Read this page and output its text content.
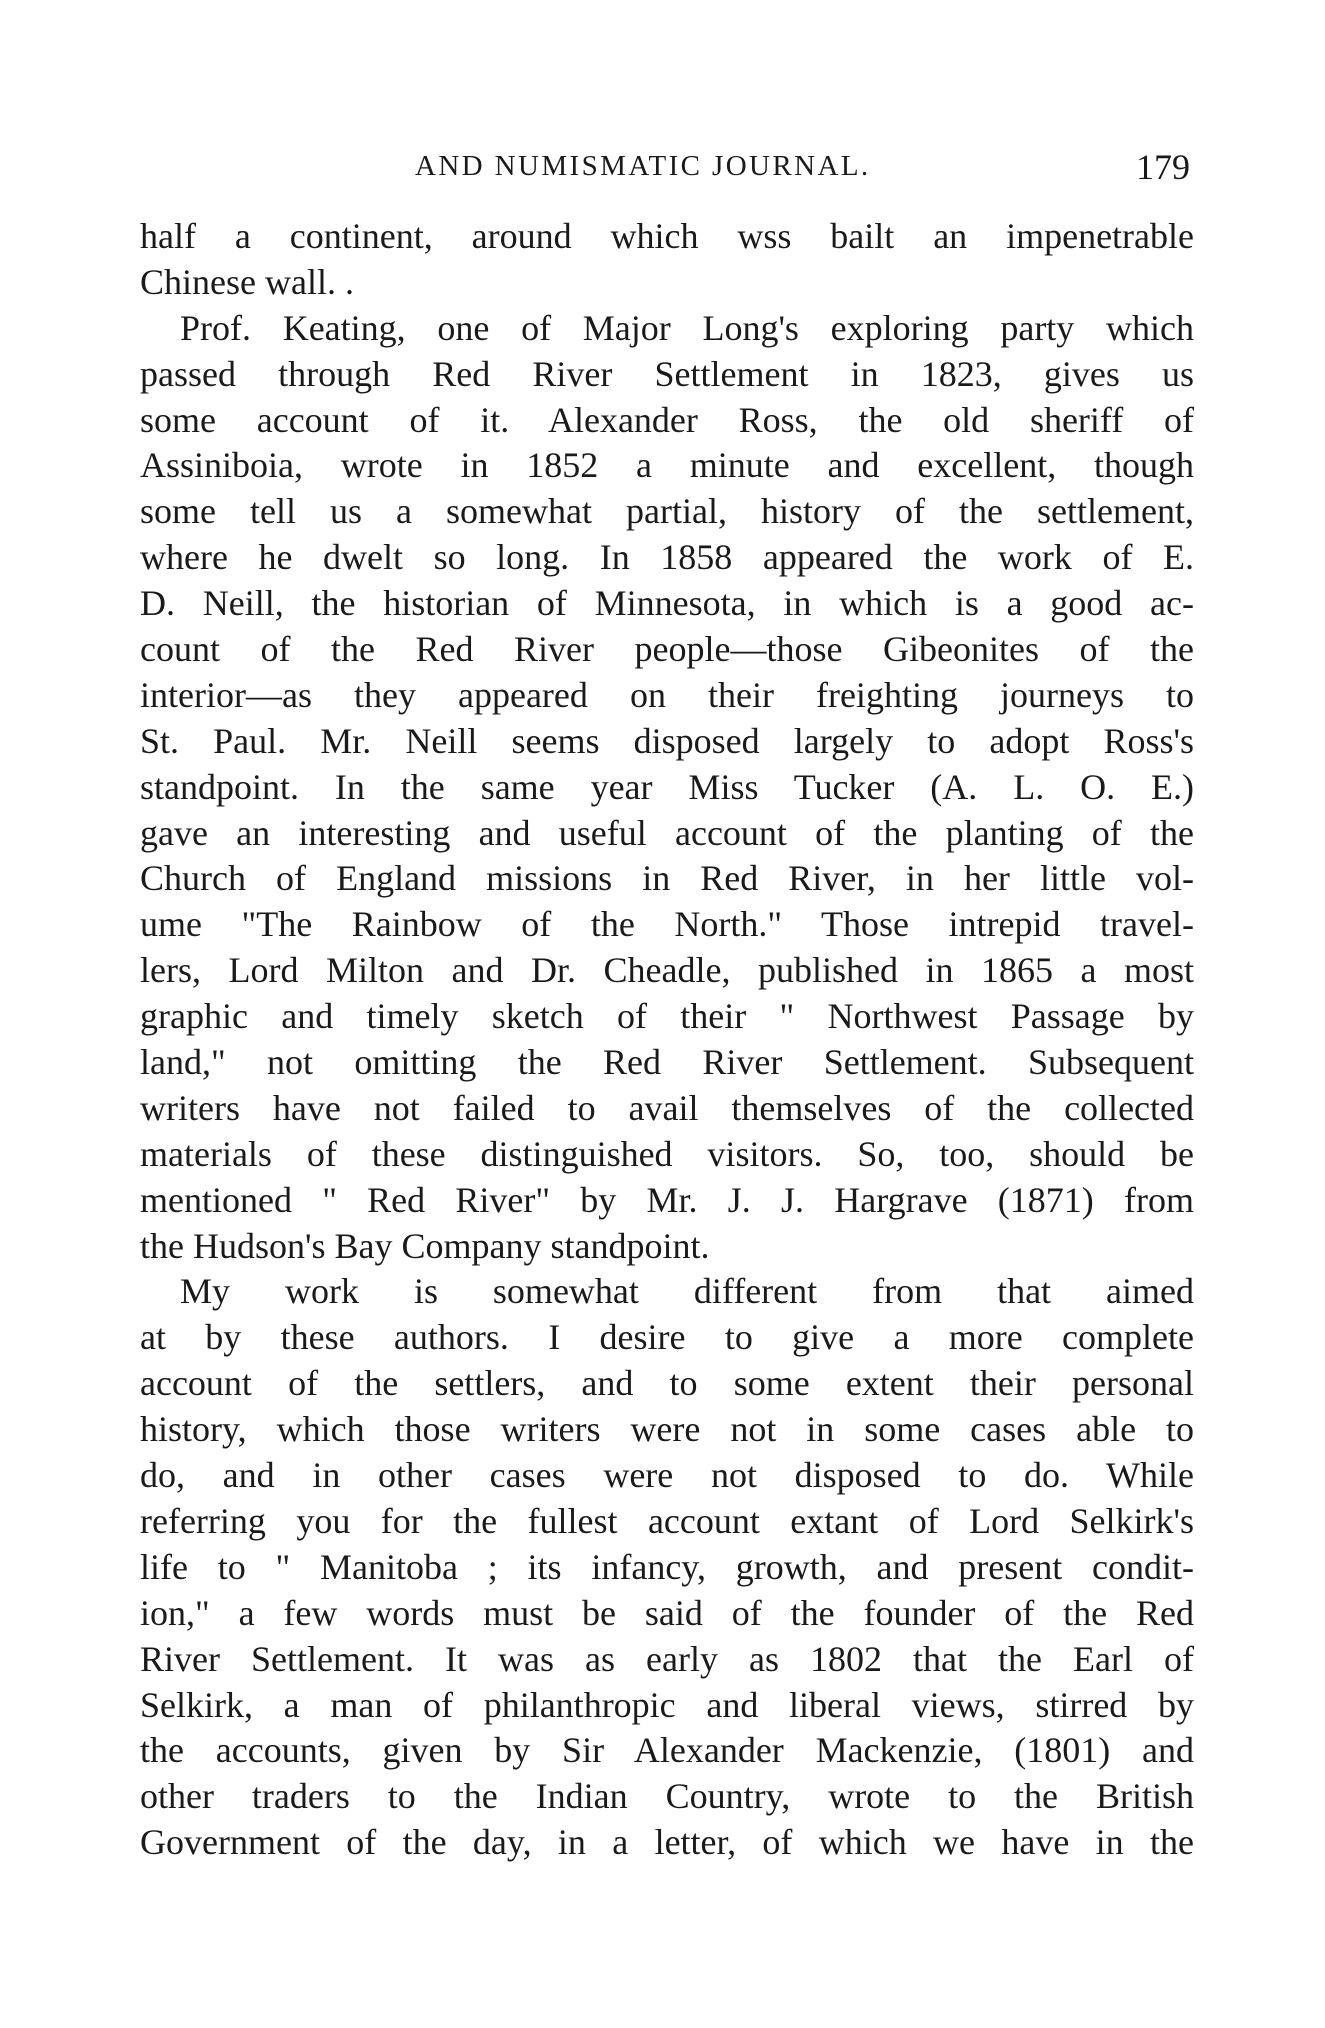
AND NUMISMATIC JOURNAL.	179
half a continent, around which wss bailt an impenetrable
Chinese wall. .
Prof. Keating, one of Major Long's exploring party which
passed through Red River Settlement in 1823, gives us
some account of it. Alexander Ross, the old sheriff of
Assiniboia, wrote in 1852 a minute and excellent, though
some tell us a somewhat partial, history of the settlement,
where he dwelt so long. In 1858 appeared the work of E.
D. Neill, the historian of Minnesota, in which is a good ac-
count of the Red River people—those Gibeonites of the
interior—as they appeared on their freighting journeys to
St. Paul. Mr. Neill seems disposed largely to adopt Ross's
standpoint. In the same year Miss Tucker (A. L. O. E.)
gave an interesting and useful account of the planting of the
Church of England missions in Red River, in her little vol-
ume "The Rainbow of the North." Those intrepid travel-
lers, Lord Milton and Dr. Cheadle, published in 1865 a most
graphic and timely sketch of their " Northwest Passage by
land," not omitting the Red River Settlement. Subsequent
writers have not failed to avail themselves of the collected
materials of these distinguished visitors. So, too, should be
mentioned " Red River" by Mr. J. J. Hargrave (1871) from
the Hudson's Bay Company standpoint.
My work is somewhat different from that aimed
at by these authors. I desire to give a more complete
account of the settlers, and to some extent their personal
history, which those writers were not in some cases able to
do, and in other cases were not disposed to do. While
referring you for the fullest account extant of Lord Selkirk's
life to " Manitoba ; its infancy, growth, and present condit-
ion," a few words must be said of the founder of the Red
River Settlement. It was as early as 1802 that the Earl of
Selkirk, a man of philanthropic and liberal views, stirred by
the accounts, given by Sir Alexander Mackenzie, (1801) and
other traders to the Indian Country, wrote to the British
Government of the day, in a letter, of which we have in the
